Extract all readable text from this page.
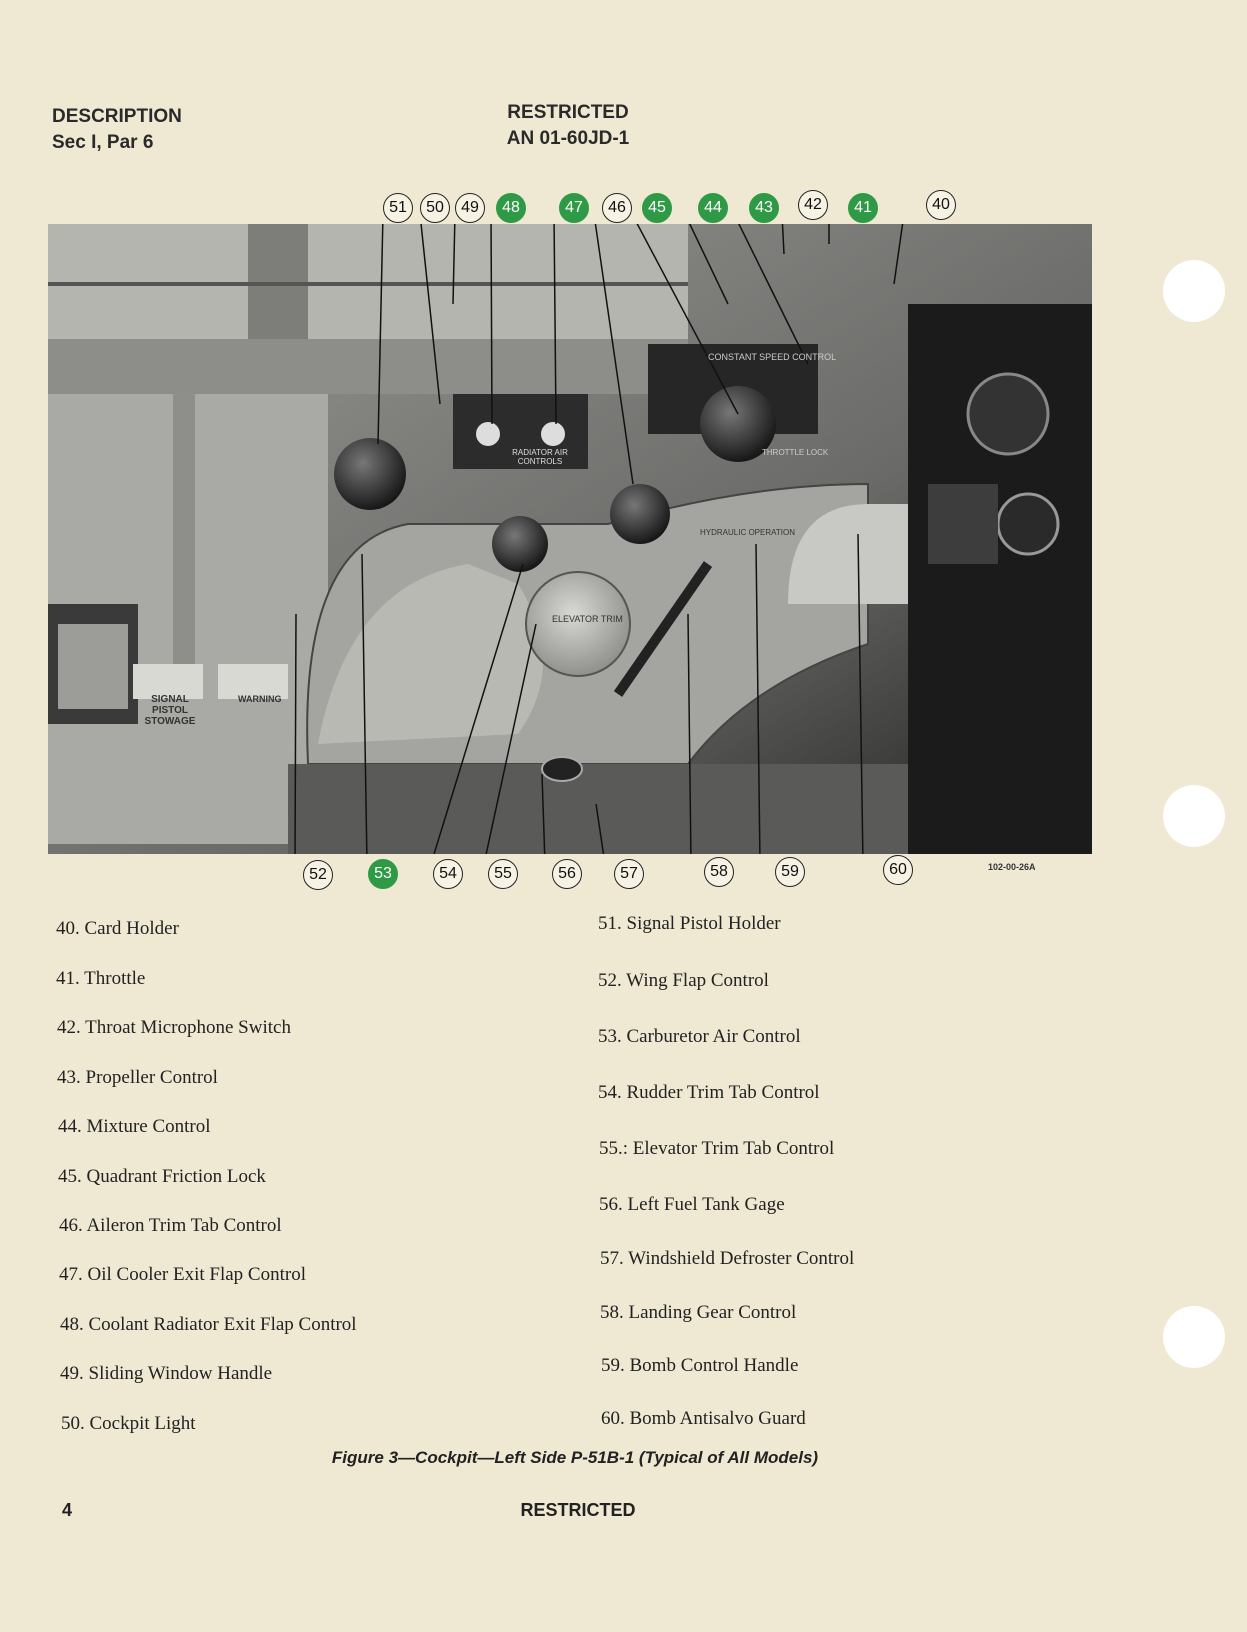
DESCRIPTION
Sec I, Par 6
RESTRICTED
AN 01-60JD-1
SIGNAL PISTOL STOWAGE
WARNING
RADIATOR AIR CONTROLS
CONSTANT SPEED CONTROL
THROTTLE LOCK
ELEVATOR TRIM
HYDRAULIC OPERATION
51	50	49	48	47	46	45	44	43	42	41	40
52	53	54	55	56	57	58	59	60	102-00-26A
40. Card Holder
41. Throttle
42. Throat Microphone Switch
43. Propeller Control
44. Mixture Control
45. Quadrant Friction Lock
46. Aileron Trim Tab Control
47. Oil Cooler Exit Flap Control
48. Coolant Radiator Exit Flap Control
49. Sliding Window Handle
50. Cockpit Light
51. Signal Pistol Holder
52. Wing Flap Control
53. Carburetor Air Control
54. Rudder Trim Tab Control
55.: Elevator Trim Tab Control
56. Left Fuel Tank Gage
57. Windshield Defroster Control
58. Landing Gear Control
59. Bomb Control Handle
60. Bomb Antisalvo Guard
Figure 3—Cockpit—Left Side P-51B-1 (Typical of All Models)
4	RESTRICTED
